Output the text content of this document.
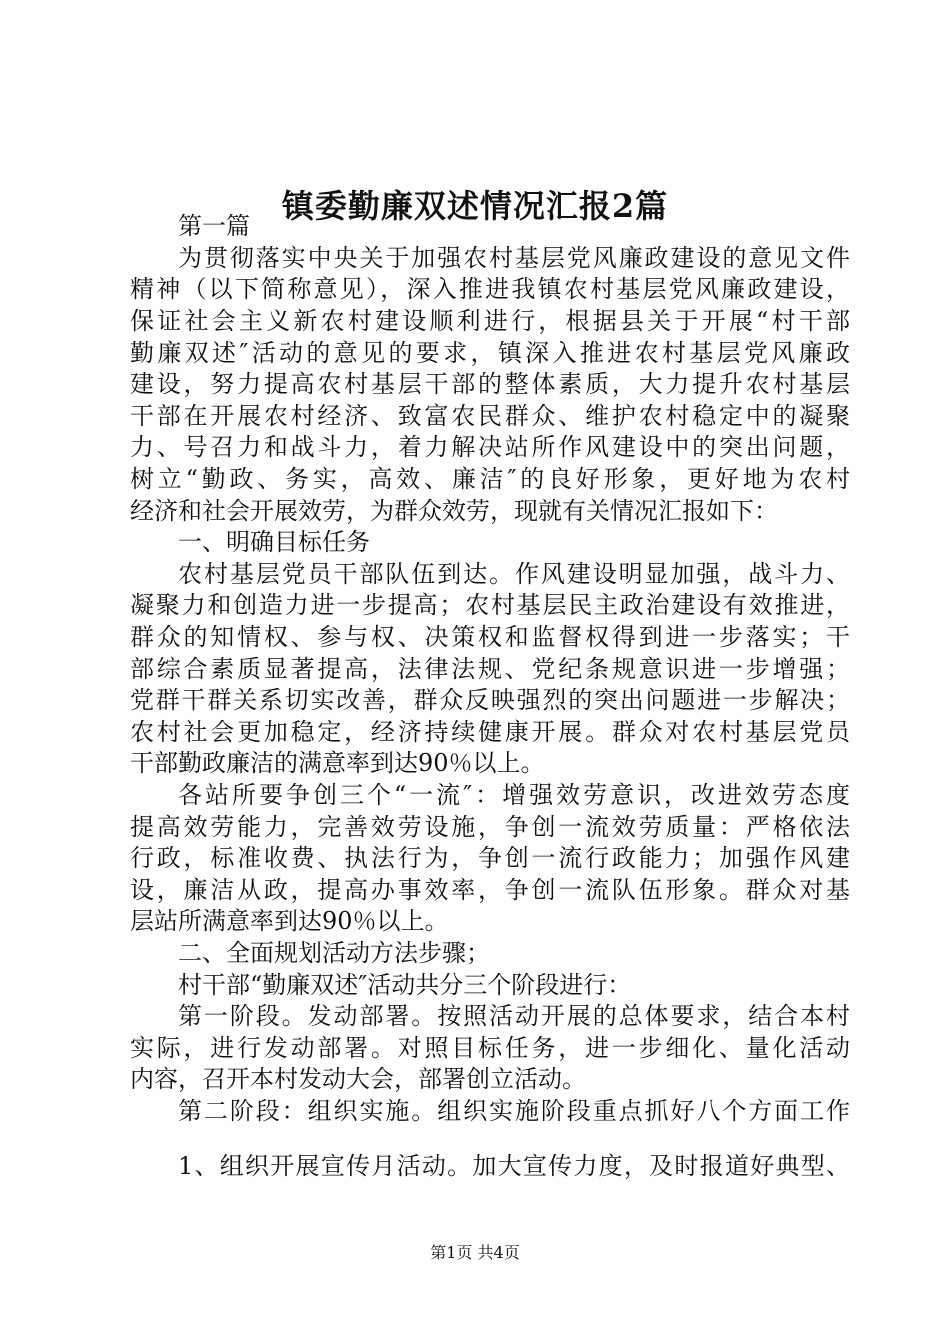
镇委勤廉双述情况汇报2篇
第一篇
为贯彻落实中央关于加强农村基层党风廉政建设的意见文件
精神（以下简称意见），深入推进我镇农村基层党风廉政建设，
保证社会主义新农村建设顺利进行，根据县关于开展“村干部
勤廉双述″活动的意见的要求，镇深入推进农村基层党风廉政
建设，努力提高农村基层干部的整体素质，大力提升农村基层
干部在开展农村经济、致富农民群众、维护农村稳定中的凝聚
力、号召力和战斗力，着力解决站所作风建设中的突出问题，
树立“勤政、务实，高效、廉洁″的良好形象，更好地为农村
经济和社会开展效劳，为群众效劳，现就有关情况汇报如下：
一、明确目标任务
农村基层党员干部队伍到达。作风建设明显加强，战斗力、
凝聚力和创造力进一步提高；农村基层民主政治建设有效推进，
群众的知情权、参与权、决策权和监督权得到进一步落实；干
部综合素质显著提高，法律法规、党纪条规意识进一步增强；
党群干群关系切实改善，群众反映强烈的突出问题进一步解决；
农村社会更加稳定，经济持续健康开展。群众对农村基层党员
干部勤政廉洁的满意率到达90％以上。
各站所要争创三个“一流″：增强效劳意识，改进效劳态度
提高效劳能力，完善效劳设施，争创一流效劳质量：严格依法
行政，标准收费、执法行为，争创一流行政能力；加强作风建
设，廉洁从政，提高办事效率，争创一流队伍形象。群众对基
层站所满意率到达90％以上。
二、全面规划活动方法步骤；
村干部“勤廉双述″活动共分三个阶段进行：
第一阶段。发动部署。按照活动开展的总体要求，结合本村
实际，进行发动部署。对照目标任务，进一步细化、量化活动
内容，召开本村发动大会，部署创立活动。
第二阶段：组织实施。组织实施阶段重点抓好八个方面工作
1、组织开展宣传月活动。加大宣传力度，及时报道好典型、
第1页 共4页
